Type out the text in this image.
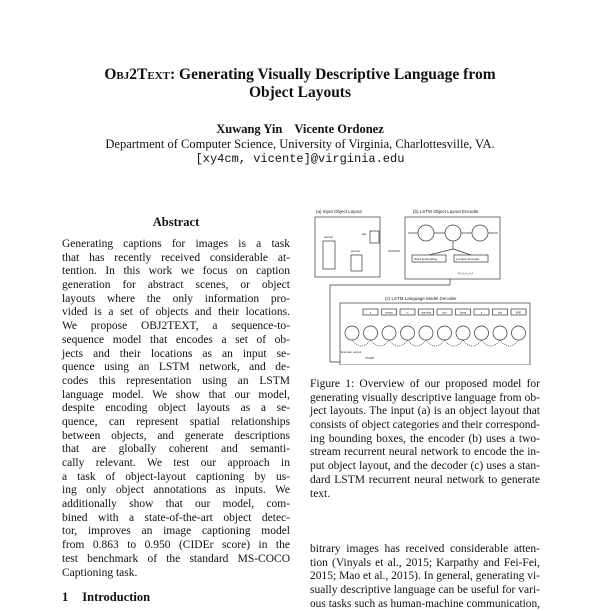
Obj2Text: Generating Visually Descriptive Language from
Object Layouts
Xuwang Yin Vicente Ordonez
Department of Computer Science, University of Virginia, Charlottesville, VA.
[xy4cm, vicente]@virginia.edu
Abstract
Generating captions for images is a task
that has recently received considerable at-
tention. In this work we focus on caption
generation for abstract scenes, or object
layouts where the only information pro-
vided is a set of objects and their locations.
We propose OBJ2TEXT, a sequence-to-
sequence model that encodes a set of ob-
jects and their locations as an input se-
quence using an LSTM network, and de-
codes this representation using an LSTM
language model. We show that our model,
despite encoding object layouts as a se-
quence, can represent spatial relationships
between objects, and generate descriptions
that are globally coherent and semanti-
cally relevant. We test our approach in
a task of object-layout captioning by us-
ing only object annotations as inputs. We
additionally show that our model, com-
bined with a state-of-the-art object detec-
tor, improves an image captioning model
from 0.863 to 0.950 (CIDEr score) in the
test benchmark of the standard MS-COCO
Captioning task.
1 Introduction
(a) Input Object Layout	(b) LSTM Object Layout Encoder
(c) LSTM Language Model Decoder
person
kite
person
Word Embedding	Location Encoder
(x₁,y₁,x₂,y₂)
Encoder output
START
a	person	is	standing	and	flying	a	kite	END
Figure 1: Overview of our proposed model for
generating visually descriptive language from ob-
ject layouts. The input (a) is an object layout that
consists of object categories and their correspond-
ing bounding boxes, the encoder (b) uses a two-
stream recurrent neural network to encode the in-
put object layout, and the decoder (c) uses a stan-
dard LSTM recurrent neural network to generate
text.
bitrary images has received considerable atten-
tion (Vinyals et al., 2015; Karpathy and Fei-Fei,
2015; Mao et al., 2015). In general, generating vi-
sually descriptive language can be useful for vari-
ous tasks such as human-machine communication,
